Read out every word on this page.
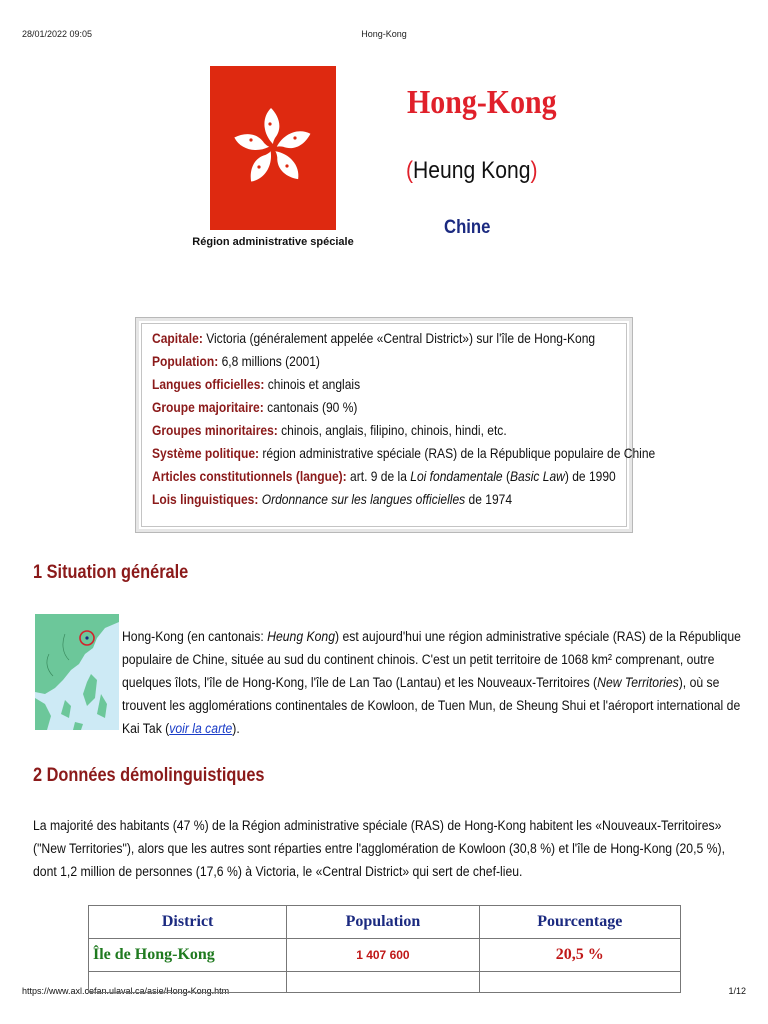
28/01/2022 09:05	Hong-Kong
https://www.axl.cefan.ulaval.ca/asie/Hong-Kong.htm	1/12
Région administrative spéciale
Hong-Kong
(Heung Kong)
Chine
Capitale: Victoria (généralement appelée «Central District») sur l'île de Hong-Kong
Population: 6,8 millions (2001)
Langues officielles: chinois et anglais
Groupe majoritaire: cantonais (90 %)
Groupes minoritaires: chinois, anglais, filipino, chinois, hindi, etc.
Système politique: région administrative spéciale (RAS) de la République populaire de Chine
Articles constitutionnels (langue): art. 9 de la Loi fondamentale (Basic Law) de 1990
Lois linguistiques: Ordonnance sur les langues officielles de 1974
1 Situation générale
Hong-Kong (en cantonais: Heung Kong) est aujourd'hui une région administrative spéciale (RAS) de la République populaire de Chine, située au sud du continent chinois. C'est un petit territoire de 1068 km² comprenant, outre quelques îlots, l'île de Hong-Kong, l'île de Lan Tao (Lantau) et les Nouveaux-Territoires (New Territories), où se trouvent les agglomérations continentales de Kowloon, de Tuen Mun, de Sheung Shui et l'aéroport international de Kai Tak (voir la carte).
2 Données démolinguistiques
La majorité des habitants (47 %) de la Région administrative spéciale (RAS) de Hong-Kong habitent les «Nouveaux-Territoires» ("New Territories"), alors que les autres sont réparties entre l'agglomération de Kowloon (30,8 %) et l'île de Hong-Kong (20,5 %), dont 1,2 million de personnes (17,6 %) à Victoria, le «Central District» qui sert de chef-lieu.
District	Population	Pourcentage
Île de Hong-Kong	1 407 600	20,5 %
